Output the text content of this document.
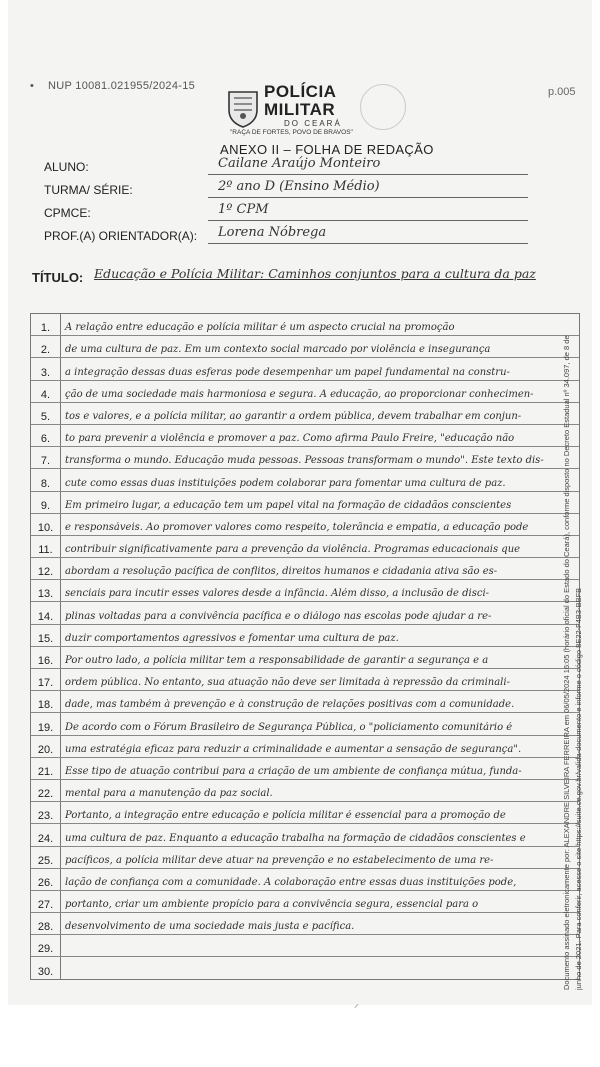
• NUP 10081.021955/2024-15	p.005
POLÍCIA
MILITAR
DO CEARÁ
"RAÇA DE FORTES, POVO DE BRAVOS"
ANEXO II – FOLHA DE REDAÇÃO
ALUNO:	Cailane Araújo Monteiro
TURMA/ SÉRIE:	2º ano D (Ensino Médio)
CPMCE:	1º CPM
PROF.(A) ORIENTADOR(A): Lorena Nóbrega
TÍTULO: Educação e Polícia Militar: Caminhos conjuntos para a cultura da paz
1.	A relação entre educação e polícia militar é um aspecto crucial na promoção
2.	de uma cultura de paz. Em um contexto social marcado por violência e insegurança
3.	a integração dessas duas esferas pode desempenhar um papel fundamental na constru-
4.	ção de uma sociedade mais harmoniosa e segura. A educação, ao proporcionar conhecimen-
5.	tos e valores, e a polícia militar, ao garantir a ordem pública, devem trabalhar em conjun-
6.	to para prevenir a violência e promover a paz. Como afirma Paulo Freire, "educação não
7.	transforma o mundo. Educação muda pessoas. Pessoas transformam o mundo". Este texto dis-
8.	cute como essas duas instituições podem colaborar para fomentar uma cultura de paz.
9.	Em primeiro lugar, a educação tem um papel vital na formação de cidadãos conscientes
10.	e responsáveis. Ao promover valores como respeito, tolerância e empatia, a educação pode
11.	contribuir significativamente para a prevenção da violência. Programas educacionais que
12.	abordam a resolução pacífica de conflitos, direitos humanos e cidadania ativa são es-
13.	senciais para incutir esses valores desde a infância. Além disso, a inclusão de disci-
14.	plinas voltadas para a convivência pacífica e o diálogo nas escolas pode ajudar a re-
15.	duzir comportamentos agressivos e fomentar uma cultura de paz.
16.	Por outro lado, a polícia militar tem a responsabilidade de garantir a segurança e a
17.	ordem pública. No entanto, sua atuação não deve ser limitada à repressão da criminali-
18.	dade, mas também à prevenção e à construção de relações positivas com a comunidade.
19.	De acordo com o Fórum Brasileiro de Segurança Pública, o "policiamento comunitário é
20.	uma estratégia eficaz para reduzir a criminalidade e aumentar a sensação de segurança".
21.	Esse tipo de atuação contribui para a criação de um ambiente de confiança mútua, funda-
22.	mental para a manutenção da paz social.
23.	Portanto, a integração entre educação e polícia militar é essencial para a promoção de
24.	uma cultura de paz. Enquanto a educação trabalha na formação de cidadãos conscientes e
25.	pacíficos, a polícia militar deve atuar na prevenção e no estabelecimento de uma re-
26.	lação de confiança com a comunidade. A colaboração entre essas duas instituições pode,
27.	portanto, criar um ambiente propício para a convivência segura, essencial para o
28.	desenvolvimento de uma sociedade mais justa e pacífica.
29.
30.
⸝
Documento assinado eletronicamente por: ALEXANDRE SILVEIRA FERREIRA em 06/05/2024 16:05 (horário oficial do Estado do Ceará), conforme disposto no Decreto Estadual nº 34.097, de 8 de junho de 2021. Para conferir, acesse o site https://suite.ce.gov.br/valida-documento e informe o código 8E22-F4B3-BBFB
